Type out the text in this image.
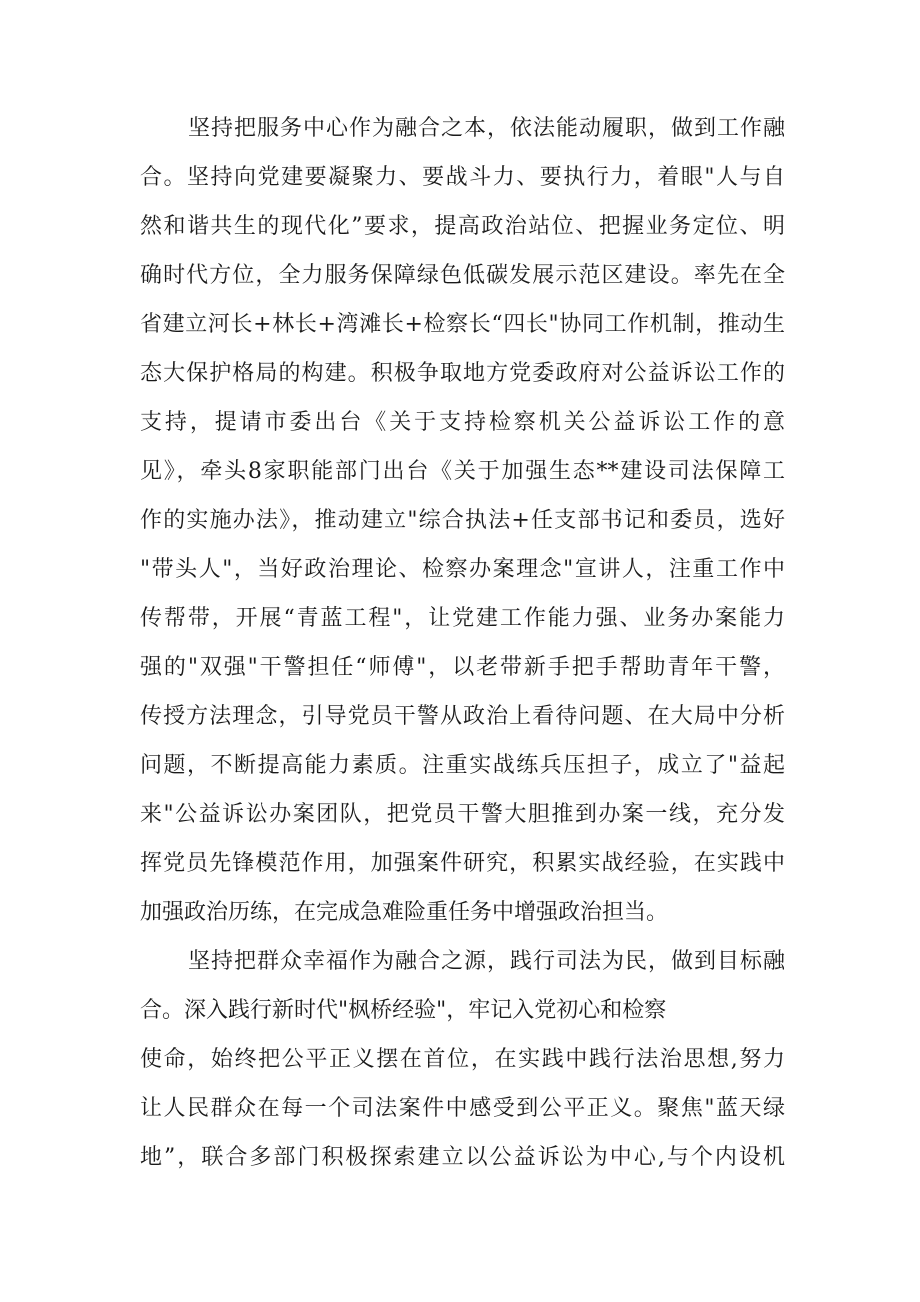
坚持把服务中心作为融合之本，依法能动履职，做到工作融
合。坚持向党建要凝聚力、要战斗力、要执行力，着眼"人与自
然和谐共生的现代化”要求，提高政治站位、把握业务定位、明
确时代方位，全力服务保障绿色低碳发展示范区建设。率先在全
省建立河长+林长+湾滩长+检察长“四长"协同工作机制，推动生
态大保护格局的构建。积极争取地方党委政府对公益诉讼工作的
支持，提请市委出台《关于支持检察机关公益诉讼工作的意
见》，牵头8家职能部门出台《关于加强生态**建设司法保障工
作的实施办法》，推动建立"综合执法+任支部书记和委员，选好
"带头人"，当好政治理论、检察办案理念"宣讲人，注重工作中
传帮带，开展“青蓝工程"，让党建工作能力强、业务办案能力
强的"双强"干警担任“师傅"，以老带新手把手帮助青年干警，
传授方法理念，引导党员干警从政治上看待问题、在大局中分析
问题，不断提高能力素质。注重实战练兵压担子，成立了"益起
来"公益诉讼办案团队，把党员干警大胆推到办案一线，充分发
挥党员先锋模范作用，加强案件研究，积累实战经验，在实践中
加强政治历练，在完成急难险重任务中增强政治担当。
坚持把群众幸福作为融合之源，践行司法为民，做到目标融
合。深入践行新时代"枫桥经验"，牢记入党初心和检察
使命，始终把公平正义摆在首位，在实践中践行法治思想,努力
让人民群众在每一个司法案件中感受到公平正义。聚焦"蓝天绿
地”，联合多部门积极探索建立以公益诉讼为中心,与个内设机
